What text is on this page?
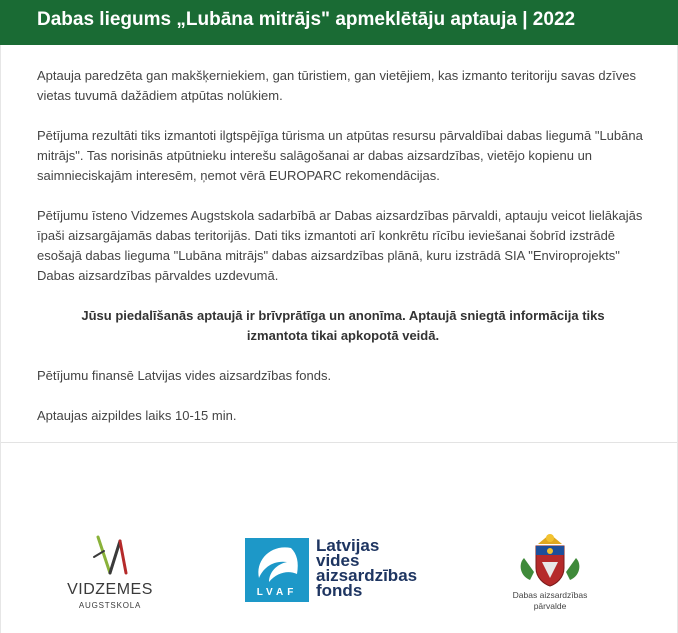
Dabas liegums „Lubāna mitrājs" apmeklētāju aptauja | 2022

Aptauja paredzēta gan makšķerniekiem, gan tūristiem, gan vietējiem, kas izmanto teritoriju savas dzīves vietas tuvumā dažādiem atpūtas nolūkiem.

Pētījuma rezultāti tiks izmantoti ilgtspējīga tūrisma un atpūtas resursu pārvaldībai dabas liegumā "Lubāna mitrājs". Tas norisinās atpūtnieku interešu salāgošanai ar dabas aizsardzības, vietējo kopienu un saimnieciskajām interesēm, ņemot vērā EUROPARC rekomendācijas.

Pētījumu īsteno Vidzemes Augstskola sadarbībā ar Dabas aizsardzības pārvaldi, aptauju veicot lielākajās īpaši aizsargājamās dabas teritorijās. Dati tiks izmantoti arī konkrētu rīcību ieviešanai šobrīd izstrādē esošajā dabas lieguma "Lubāna mitrājs" dabas aizsardzības plānā, kuru izstrādā SIA "Enviroprojekts" Dabas aizsardzības pārvaldes uzdevumā.

Jūsu piedalīšanās aptaujā ir brīvprātīga un anonīma. Aptaujā sniegtā informācija tiks izmantota tikai apkopotā veidā.

Pētījumu finansē Latvijas vides aizsardzības fonds.

Aptaujas aizpildes laiks 10-15 min.

VIDZEMES
AUGSTSKOLA
LVAF
Latvijas
vides
aizsardzības
fonds	Dabas aizsardzības
pārvalde
